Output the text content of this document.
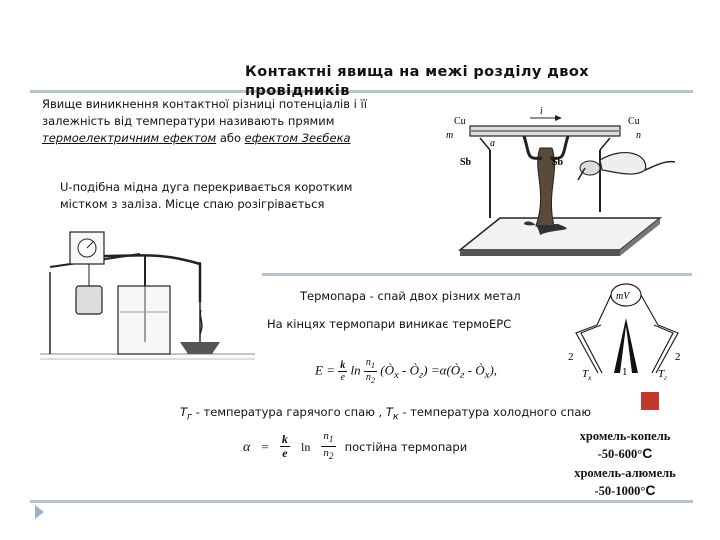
Контактні явища на межі розділу двох провідників
Явище виникнення контактної різниці потенціалів і її залежність від температури називають прямим термоелектричним ефектом або ефектом Зеєбека
U-подібна мідна дуга перекривається коротким містком з заліза. Місце спаю розігрівається
Cu	Cu
m	n
i
a
Sb	Sb
Термопара - спай двох різних метал
На кінцях термопари виникає термоЕРС
$E = \frac{k}{e}$ $\ln \frac{n_1}{n_2}$ ($Ò_х$ - $Ò_г$) $=\alpha(Ò_г$ - $Ò_х$),
mV
2	2
1
$T_х$	$T_г$
$T_г$ - температура гарячого спаю , $T_к$ - температура холодного спаю
$\alpha = \frac{k}{e}$ $\ln \frac{n_1}{n_2}$ постійна термопари
хромель-копель
-50-600°C
хромель-алюмель
-50-1000°C
